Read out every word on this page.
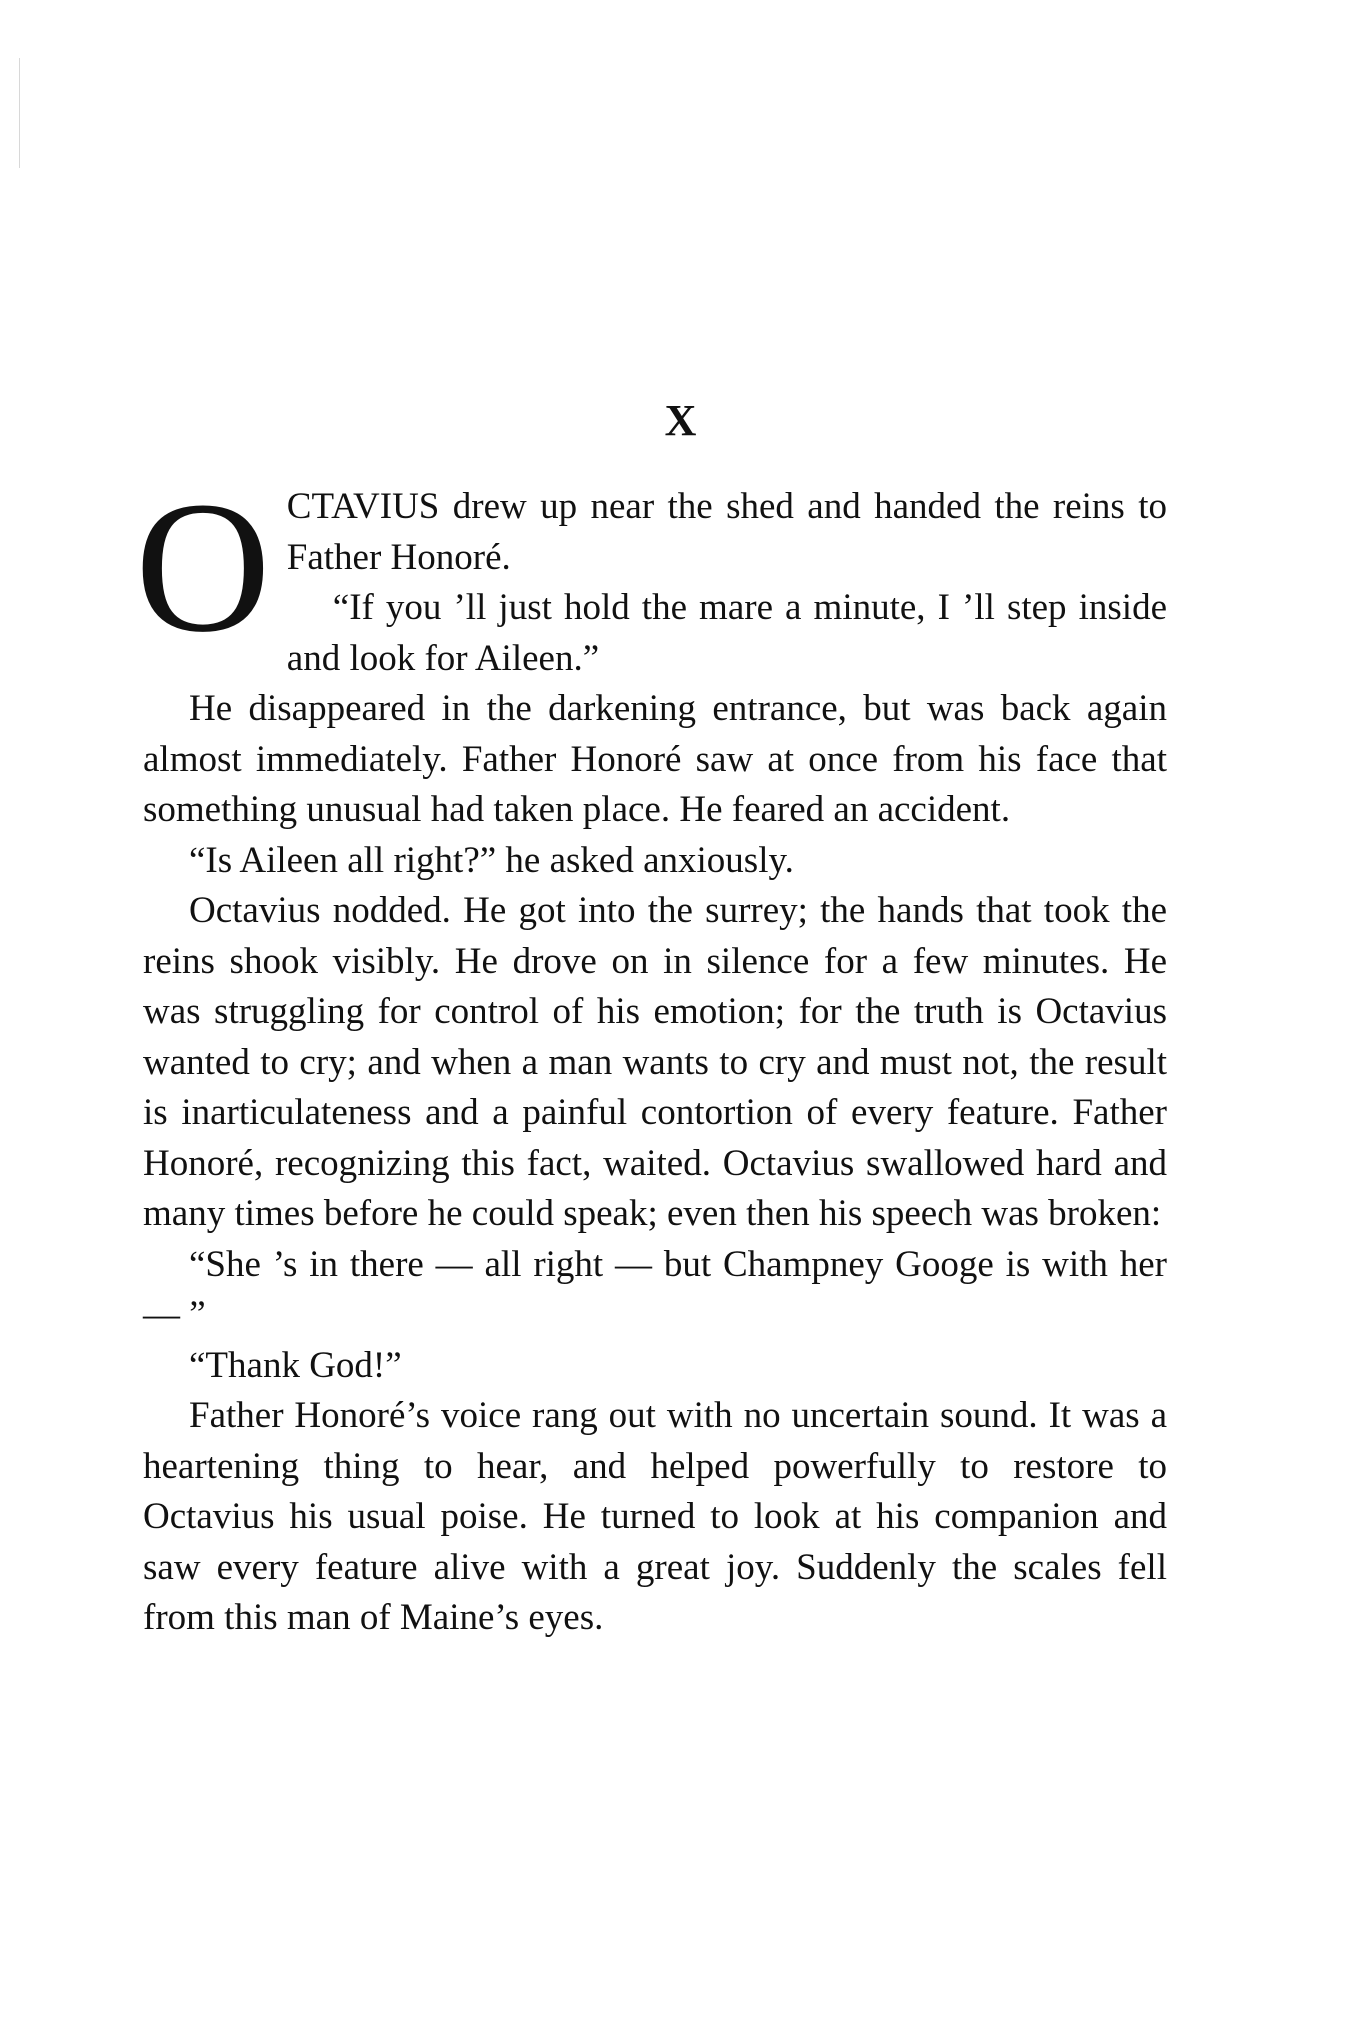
X

O CTAVIUS drew up near the shed and handed the reins to Father Honoré.

“If you ’ll just hold the mare a minute, I ’ll step inside and look for Aileen.”

He disappeared in the darkening entrance, but was back again almost immediately. Father Honoré saw at once from his face that something unusual had taken place. He feared an accident.

“Is Aileen all right?” he asked anxiously.

Octavius nodded. He got into the surrey; the hands that took the reins shook visibly. He drove on in silence for a few minutes. He was struggling for control of his emotion; for the truth is Octavius wanted to cry; and when a man wants to cry and must not, the result is inarticulateness and a painful contortion of every feature. Father Honoré, recognizing this fact, waited. Octavius swallowed hard and many times before he could speak; even then his speech was broken:

“She ’s in there — all right — but Champney Googe is with her — ”

“Thank God!”

Father Honoré’s voice rang out with no uncertain sound. It was a heartening thing to hear, and helped powerfully to restore to Octavius his usual poise. He turned to look at his companion and saw every feature alive with a great joy. Suddenly the scales fell from this man of Maine’s eyes.
